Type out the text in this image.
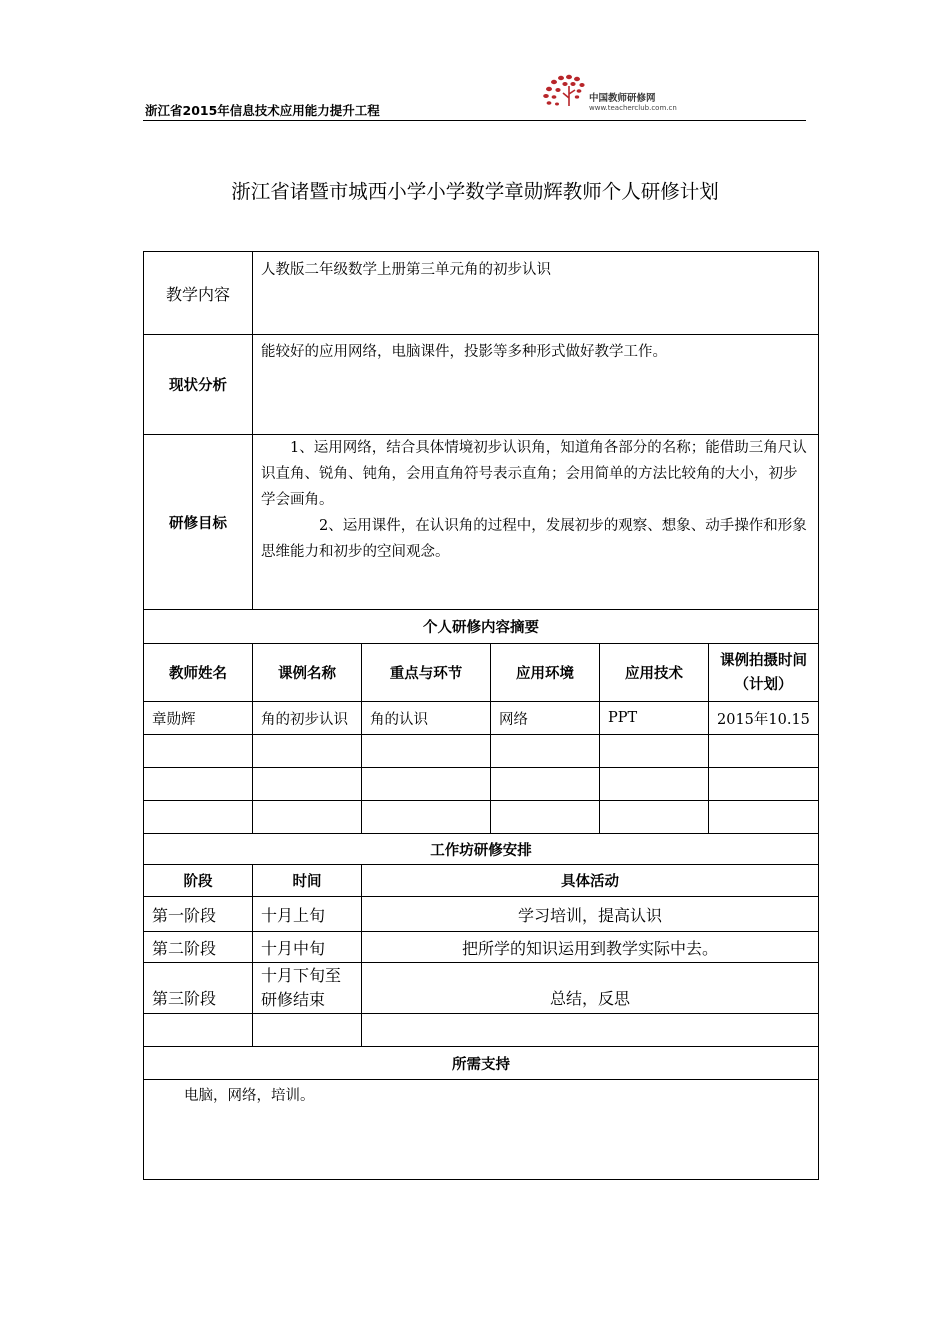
浙江省2015年信息技术应用能力提升工程
中国教师研修网
www.teacherclub.com.cn
浙江省诸暨市城西小学小学数学章勋辉教师个人研修计划
教学内容	人教版二年级数学上册第三单元角的初步认识				
现状分析	能较好的应用网络，电脑课件，投影等多种形式做好教学工作。				
研修目标	1、运用网络，结合具体情境初步认识角，知道角各部分的名称；能借助三角尺认识直角、锐角、钝角，会用直角符号表示直角；会用简单的方法比较角的大小，初步学会画角。
2、运用课件，在认识角的过程中，发展初步的观察、想象、动手操作和形象思维能力和初步的空间观念。				

个人研修内容摘要					
教师姓名	课例名称	重点与环节	应用环境	应用技术	课例拍摄时间（计划）
章勋辉	角的初步认识	角的认识	网络	PPT	2015年10.15

工作坊研修安排					
阶段	时间	具体活动			
第一阶段	十月上旬	学习培训，提高认识			
第二阶段	十月中旬	把所学的知识运用到教学实际中去。			
第三阶段	十月下旬至研修结束	总结，反思			

所需支持					
电脑，网络，培训。					
